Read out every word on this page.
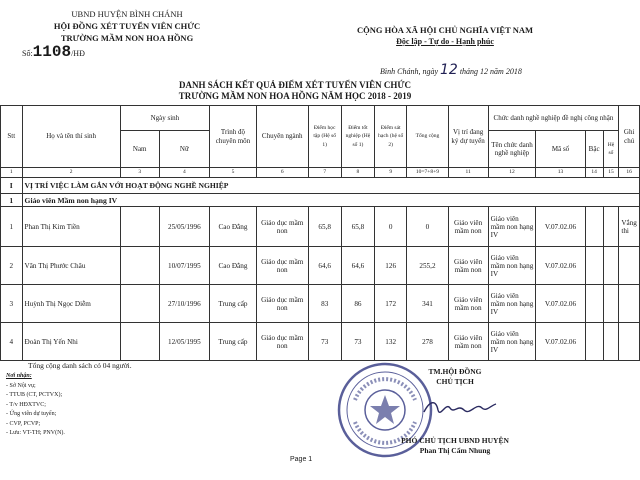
UBND HUYỆN BÌNH CHÁNH
HỘI ĐỒNG XÉT TUYỂN VIÊN CHỨC
TRƯỜNG MẦM NON HOA HỒNG
Số:1108/HĐ
CỘNG HÒA XÃ HỘI CHỦ NGHĨA VIỆT NAM
Độc lập - Tự do - Hạnh phúc
Bình Chánh, ngày 12 tháng 12 năm 2018
DANH SÁCH KẾT QUẢ ĐIỂM XÉT TUYỂN VIÊN CHỨC
TRƯỜNG MẦM NON HOA HỒNG NĂM HỌC 2018 - 2019
Stt	Họ và tên thí sinh	Ngày sinh		Trình độ chuyên môn	Chuyên ngành	Điểm học tập (Hệ số 1)	Điểm tốt nghiệp (Hệ số 1)	Điểm sát hạch (hệ số 2)	Tổng cộng	Vị trí đang ký dự tuyển	Chức danh nghề nghiệp đề nghị công nhận				Ghi chú
		Nam	Nữ								Tên chức danh nghề nghiệp	Mã số	Bậc	Hệ số	
1	2	3	4	5	6	7	8	9	10=7+8+9	11	12	13	14	15	16
I	VỊ TRÍ VIỆC LÀM GẮN VỚI HOẠT ĐỘNG NGHỀ NGHIỆP														
1	Giáo viên Mầm non hạng IV														
1	Phan Thị Kim Tiền		25/05/1996	Cao Đẳng	Giáo dục mầm non	65,8	65,8	0	0	Giáo viên mầm non	Giáo viên mầm non hạng IV	V.07.02.06			Vắng thi
2	Văn Thị Phước Châu		10/07/1995	Cao Đẳng	Giáo dục mầm non	64,6	64,6	126	255,2	Giáo viên mầm non	Giáo viên mầm non hạng IV	V.07.02.06			
3	Huỳnh Thị Ngọc Diễm		27/10/1996	Trung cấp	Giáo dục mầm non	83	86	172	341	Giáo viên mầm non	Giáo viên mầm non hạng IV	V.07.02.06			
4	Đoàn Thị Yến Nhi		12/05/1995	Trung cấp	Giáo dục mầm non	73	73	132	278	Giáo viên mầm non	Giáo viên mầm non hạng IV	V.07.02.06			
Tổng cộng danh sách có 04 người.
Nơi nhận:
- Sở Nội vụ;
- TTUB (CT, PCTVX);
- T/v HĐXTVC;
- Ứng viên dự tuyển;
- CVP, PCVP;
- Lưu: VT-TH; PNV(N).
TM.HỘI ĐỒNG
CHỦ TỊCH
PHÓ CHỦ TỊCH UBND HUYỆN
Phan Thị Cẩm Nhung
Page 1
